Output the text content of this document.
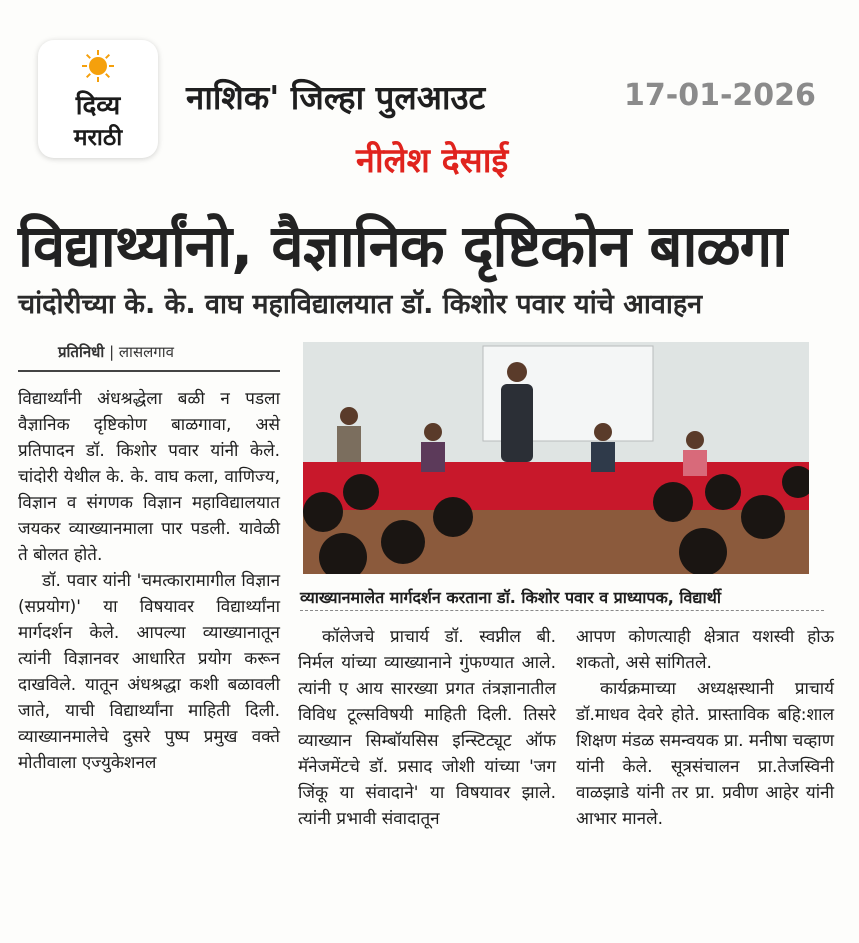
दिव्य
मराठी
नाशिक' जिल्हा पुलआउट	17-01-2026
नीलेश देसाई
विद्यार्थ्यांनो, वैज्ञानिक दृष्टिकोन बाळगा
चांदोरीच्या के. के. वाघ महाविद्यालयात डॉ. किशोर पवार यांचे आवाहन
प्रतिनिधी | लासलगाव
व्याख्यानमालेत मार्गदर्शन करताना डॉ. किशोर पवार व प्राध्यापक, विद्यार्थी

विद्यार्थ्यांनी अंधश्रद्धेला बळी न पडला वैज्ञानिक दृष्टिकोण बाळगावा, असे प्रतिपादन डॉ. किशोर पवार यांनी केले. चांदोरी येथील के. के. वाघ कला, वाणिज्य, विज्ञान व संगणक विज्ञान महाविद्यालयात जयकर व्याख्यानमाला पार पडली. यावेळी ते बोलत होते.

डॉ. पवार यांनी 'चमत्कारामागील विज्ञान (सप्रयोग)' या विषयावर विद्यार्थ्यांना मार्गदर्शन केले. आपल्या व्याख्यानातून त्यांनी विज्ञानवर आधारित प्रयोग करून दाखविले. यातून अंधश्रद्धा कशी बळावली जाते, याची विद्यार्थ्यांना माहिती दिली. व्याख्यानमालेचे दुसरे पुष्प प्रमुख वक्ते मोतीवाला एज्युकेशनल

कॉलेजचे प्राचार्य डॉ. स्वप्नील बी. निर्मल यांच्या व्याख्यानाने गुंफण्यात आले. त्यांनी ए आय सारख्या प्रगत तंत्रज्ञानातील विविध टूल्सविषयी माहिती दिली. तिसरे व्याख्यान सिम्बॉयसिस इन्स्टिट्यूट ऑफ मॅनेजमेंटचे डॉ. प्रसाद जोशी यांच्या 'जग जिंकू या संवादाने' या विषयावर झाले. त्यांनी प्रभावी संवादातून

आपण कोणत्याही क्षेत्रात यशस्वी होऊ शकतो, असे सांगितले.

कार्यक्रमाच्या अध्यक्षस्थानी प्राचार्य डॉ.माधव देवरे होते. प्रास्ताविक बहि:शाल शिक्षण मंडळ समन्वयक प्रा. मनीषा चव्हाण यांनी केले. सूत्रसंचालन प्रा.तेजस्विनी वाळझाडे यांनी तर प्रा. प्रवीण आहेर यांनी आभार मानले.
